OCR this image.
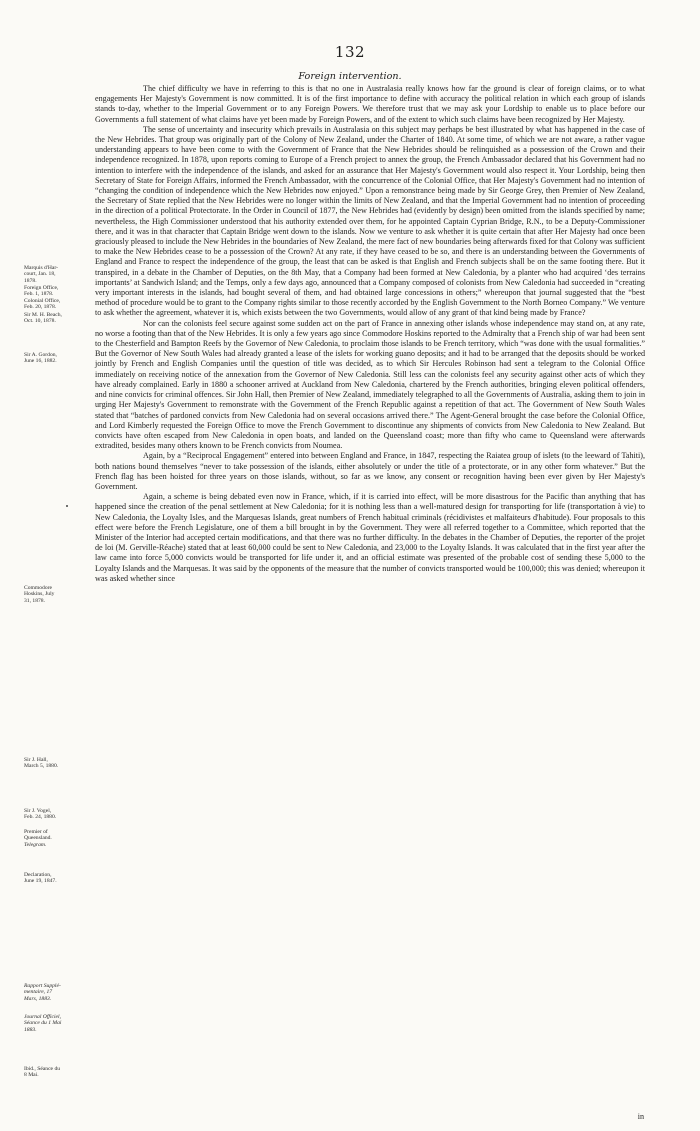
132
Foreign intervention.

The chief difficulty we have in referring to this is that no one in Australasia really knows how far the ground is clear of foreign claims, or to what engagements Her Majesty's Government is now committed. It is of the first importance to define with accuracy the political relation in which each group of islands stands to-day, whether to the Imperial Government or to any Foreign Powers. We therefore trust that we may ask your Lordship to enable us to place before our Governments a full statement of what claims have yet been made by Foreign Powers, and of the extent to which such claims have been recognized by Her Majesty.

The sense of uncertainty and insecurity which prevails in Australasia on this subject may perhaps be best illustrated by what has happened in the case of the New Hebrides. That group was originally part of the Colony of New Zealand, under the Charter of 1840. At some time, of which we are not aware, a rather vague understanding appears to have been come to with the Government of France that the New Hebrides should be relinquished as a possession of the Crown and their independence recognized. In 1878, upon reports coming to Europe of a French project to annex the group, the French Ambassador declared that his Government had no intention to interfere with the independence of the islands, and asked for an assurance that Her Majesty's Government would also respect it. Your Lordship, being then Secretary of State for Foreign Affairs, informed the French Ambassador, with the concurrence of the Colonial Office, that Her Majesty's Government had no intention of “changing the condition of independence which the New Hebrides now enjoyed.” Upon a remonstrance being made by Sir George Grey, then Premier of New Zealand, the Secretary of State replied that the New Hebrides were no longer within the limits of New Zealand, and that the Imperial Government had no intention of proceeding in the direction of a political Protectorate. In the Order in Council of 1877, the New Hebrides had (evidently by design) been omitted from the islands specified by name; nevertheless, the High Commissioner understood that his authority extended over them, for he appointed Captain Cyprian Bridge, R.N., to be a Deputy-Commissioner there, and it was in that character that Captain Bridge went down to the islands. Now we venture to ask whether it is quite certain that after Her Majesty had once been graciously pleased to include the New Hebrides in the boundaries of New Zealand, the mere fact of new boundaries being afterwards fixed for that Colony was sufficient to make the New Hebrides cease to be a possession of the Crown? At any rate, if they have ceased to be so, and there is an understanding between the Governments of England and France to respect the independence of the group, the least that can be asked is that English and French subjects shall be on the same footing there. But it transpired, in a debate in the Chamber of Deputies, on the 8th May, that a Company had been formed at New Caledonia, by a planter who had acquired ‘des terrains importants’ at Sandwich Island; and the Temps, only a few days ago, announced that a Company composed of colonists from New Caledonia had succeeded in “creating very important interests in the islands, had bought several of them, and had obtained large concessions in others;” whereupon that journal suggested that the “best method of procedure would be to grant to the Company rights similar to those recently accorded by the English Government to the North Borneo Company.” We venture to ask whether the agreement, whatever it is, which exists between the two Governments, would allow of any grant of that kind being made by France?

Nor can the colonists feel secure against some sudden act on the part of France in annexing other islands whose independence may stand on, at any rate, no worse a footing than that of the New Hebrides. It is only a few years ago since Commodore Hoskins reported to the Admiralty that a French ship of war had been sent to the Chesterfield and Bampton Reefs by the Governor of New Caledonia, to proclaim those islands to be French territory, which “was done with the usual formalities.” But the Governor of New South Wales had already granted a lease of the islets for working guano deposits; and it had to be arranged that the deposits should be worked jointly by French and English Companies until the question of title was decided, as to which Sir Hercules Robinson had sent a telegram to the Colonial Office immediately on receiving notice of the annexation from the Governor of New Caledonia. Still less can the colonists feel any security against other acts of which they have already complained. Early in 1880 a schooner arrived at Auckland from New Caledonia, chartered by the French authorities, bringing eleven political offenders, and nine convicts for criminal offences. Sir John Hall, then Premier of New Zealand, immediately telegraphed to all the Governments of Australia, asking them to join in urging Her Majesty's Government to remonstrate with the Government of the French Republic against a repetition of that act. The Government of New South Wales stated that “batches of pardoned convicts from New Caledonia had on several occasions arrived there.” The Agent-General brought the case before the Colonial Office, and Lord Kimberly requested the Foreign Office to move the French Government to discontinue any shipments of convicts from New Caledonia to New Zealand. But convicts have often escaped from New Caledonia in open boats, and landed on the Queensland coast; more than fifty who came to Queensland were afterwards extradited, besides many others known to be French convicts from Noumea.

Again, by a “Reciprocal Engagement” entered into between England and France, in 1847, respecting the Raiatea group of islets (to the leeward of Tahiti), both nations bound themselves “never to take possession of the islands, either absolutely or under the title of a protectorate, or in any other form whatever.” But the French flag has been hoisted for three years on those islands, without, so far as we know, any consent or recognition having been ever given by Her Majesty's Government.

Again, a scheme is being debated even now in France, which, if it is carried into effect, will be more disastrous for the Pacific than anything that has happened since the creation of the penal settlement at New Caledonia; for it is nothing less than a well-matured design for transporting for life (transportation à vie) to New Caledonia, the Loyalty Isles, and the Marquesas Islands, great numbers of French habitual criminals (récidivistes et malfaiteurs d'habitude). Four proposals to this effect were before the French Legislature, one of them a bill brought in by the Government. They were all referred together to a Committee, which reported that the Minister of the Interior had accepted certain modifications, and that there was no further difficulty. In the debates in the Chamber of Deputies, the reporter of the projet de loi (M. Gerville-Réache) stated that at least 60,000 could be sent to New Caledonia, and 23,000 to the Loyalty Islands. It was calculated that in the first year after the law came into force 5,000 convicts would be transported for life under it, and an official estimate was presented of the probable cost of sending these 5,000 to the Loyalty Islands and the Marquesas. It was said by the opponents of the measure that the number of convicts transported would be 100,000; this was denied; whereupon it was asked whether since

Marquis d'Har-
court, Jan. 18,
1878.
Foreign Office,
Feb. 1, 1878.
Colonial Office,
Feb. 20, 1878.
Sir M. H. Beach,
Oct. 10, 1878.
Sir A. Gordon,
June 16, 1882.
Commodore
Hoskins, July
31, 1878.
Sir J. Hall,
March 5, 1880.
Sir J. Vogel,
Feb. 24, 1880.
Premier of
Queensland.
Telegram.
Declaration,
June 19, 1847.
Rapport Supplé-
mentaire, 17
Mars, 1883.
Journal Officiel,
Séance du 1 Mai
1883.
Ibid., Séance du
8 Mai.
in
